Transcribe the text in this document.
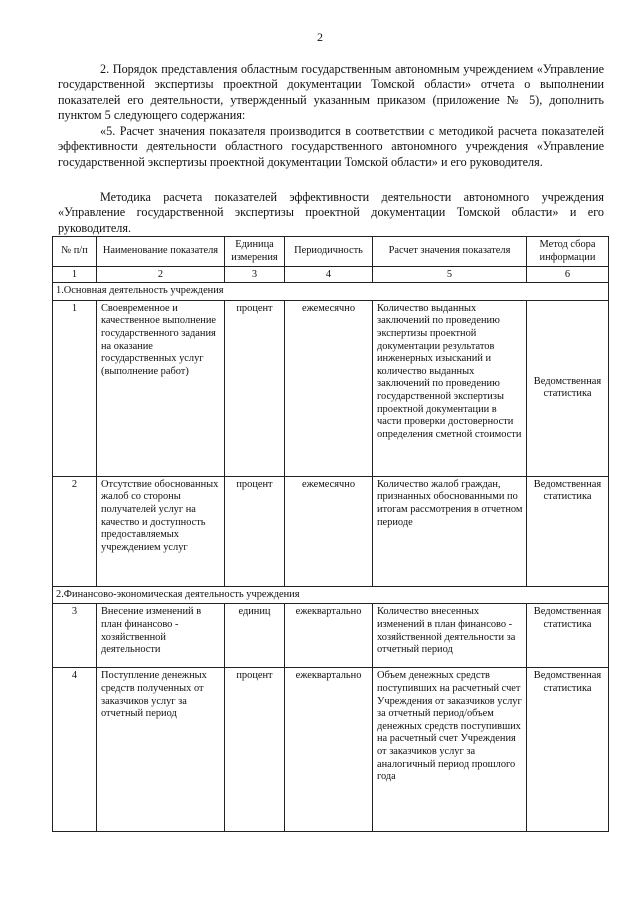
2

2. Порядок представления областным государственным автономным учреждением «Управление государственной экспертизы проектной документации Томской области» отчета о выполнении показателей его деятельности, утвержденный указанным приказом (приложение № 5), дополнить пунктом 5 следующего содержания:

«5. Расчет значения показателя производится в соответствии с методикой расчета показателей эффективности деятельности областного государственного автономного учреждения «Управление государственной экспертизы проектной документации Томской области» и его руководителя.

Методика расчета показателей эффективности деятельности автономного учреждения «Управление государственной экспертизы проектной документации Томской области» и его руководителя.

№ п/п	Наименование показателя	Единица измерения	Периодичность	Расчет значения показателя	Метод сбора информации
1	2	3	4	5	6
1.Основная деятельность учреждения					
1	Своевременное и качественное выполнение государственного задания на оказание государственных услуг (выполнение работ)	процент	ежемесячно	Количество выданных заключений по проведению экспертизы проектной документации результатов инженерных изысканий и количество выданных заключений по проведению государственной экспертизы проектной документации в части проверки достоверности определения сметной стоимости	Ведомственная статистика
2	Отсутствие обоснованных жалоб со стороны получателей услуг на качество и доступность предоставляемых учреждением услуг	процент	ежемесячно	Количество жалоб граждан, признанных обоснованными по итогам рассмотрения в отчетном периоде	Ведомственная статистика
2.Финансово-экономическая деятельность учреждения					
3	Внесение изменений в план финансово - хозяйственной деятельности	единиц	ежеквартально	Количество внесенных изменений в план финансово - хозяйственной деятельности за отчетный период	Ведомственная статистика
4	Поступление денежных средств полученных от заказчиков услуг за отчетный период	процент	ежеквартально	Объем денежных средств поступивших на расчетный счет Учреждения от заказчиков услуг за отчетный период/объем денежных средств поступивших на расчетный счет Учреждения от заказчиков услуг за аналогичный период прошлого года	Ведомственная статистика
